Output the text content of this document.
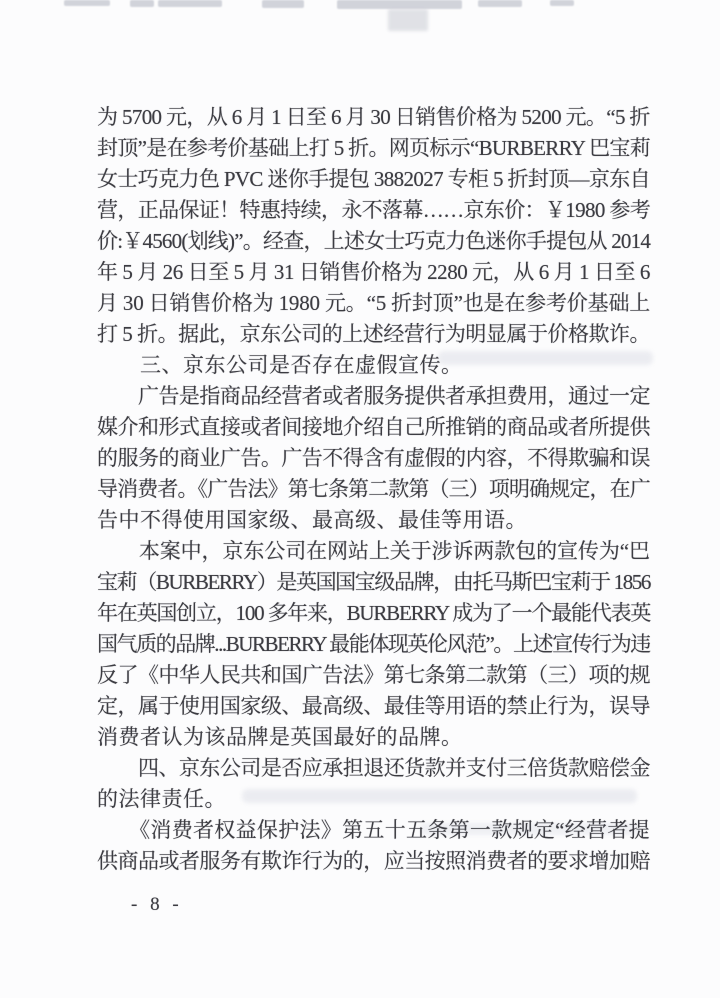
为 5700 元，从 6 月 1 日至 6 月 30 日销售价格为 5200 元。“5 折
封顶”是在参考价基础上打 5 折。网页标示“BURBERRY 巴宝莉
女士巧克力色 PVC 迷你手提包 3882027 专柜 5 折封顶—京东自
营，正品保证！特惠持续，永不落幕……京东价：￥1980 参考
价:￥4560(划线)”。经查，上述女士巧克力色迷你手提包从 2014
年 5 月 26 日至 5 月 31 日销售价格为 2280 元，从 6 月 1 日至 6
月 30 日销售价格为 1980 元。“5 折封顶”也是在参考价基础上
打 5 折。据此，京东公司的上述经营行为明显属于价格欺诈。
　　三、京东公司是否存在虚假宣传。
　　广告是指商品经营者或者服务提供者承担费用，通过一定
媒介和形式直接或者间接地介绍自己所推销的商品或者所提供
的服务的商业广告。广告不得含有虚假的内容，不得欺骗和误
导消费者。《广告法》第七条第二款第（三）项明确规定，在广
告中不得使用国家级、最高级、最佳等用语。
　　本案中，京东公司在网站上关于涉诉两款包的宣传为“巴
宝莉（BURBERRY）是英国国宝级品牌，由托马斯巴宝莉于 1856
年在英国创立，100 多年来，BURBERRY 成为了一个最能代表英
国气质的品牌...BURBERRY 最能体现英伦风范”。上述宣传行为违
反了《中华人民共和国广告法》第七条第二款第（三）项的规
定，属于使用国家级、最高级、最佳等用语的禁止行为，误导
消费者认为该品牌是英国最好的品牌。
　　四、京东公司是否应承担退还货款并支付三倍货款赔偿金
的法律责任。
　　《消费者权益保护法》第五十五条第一款规定“经营者提
供商品或者服务有欺诈行为的，应当按照消费者的要求增加赔
- 8 -
